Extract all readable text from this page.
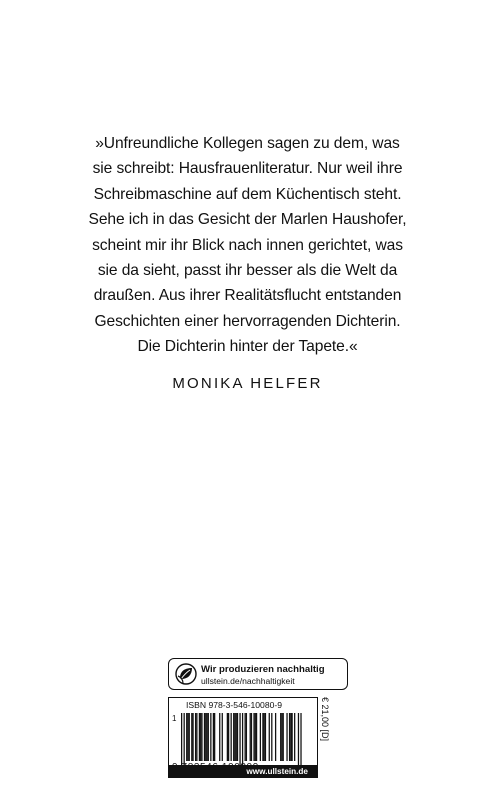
»Unfreundliche Kollegen sagen zu dem, was
sie schreibt: Hausfrauenliteratur. Nur weil ihre
Schreibmaschine auf dem Küchentisch steht.
Sehe ich in das Gesicht der Marlen Haushofer,
scheint mir ihr Blick nach innen gerichtet, was
sie da sieht, passt ihr besser als die Welt da
draußen. Aus ihrer Realitätsflucht entstanden
Geschichten einer hervorragenden Dichterin.
Die Dichterin hinter der Tapete.«

MONIKA HELFER
Wir produzieren nachhaltig
ullstein.de/nachhaltigkeit
ISBN 978-3-546-10080-9
1	€ 21,00 [D]
www.ullstein.de
